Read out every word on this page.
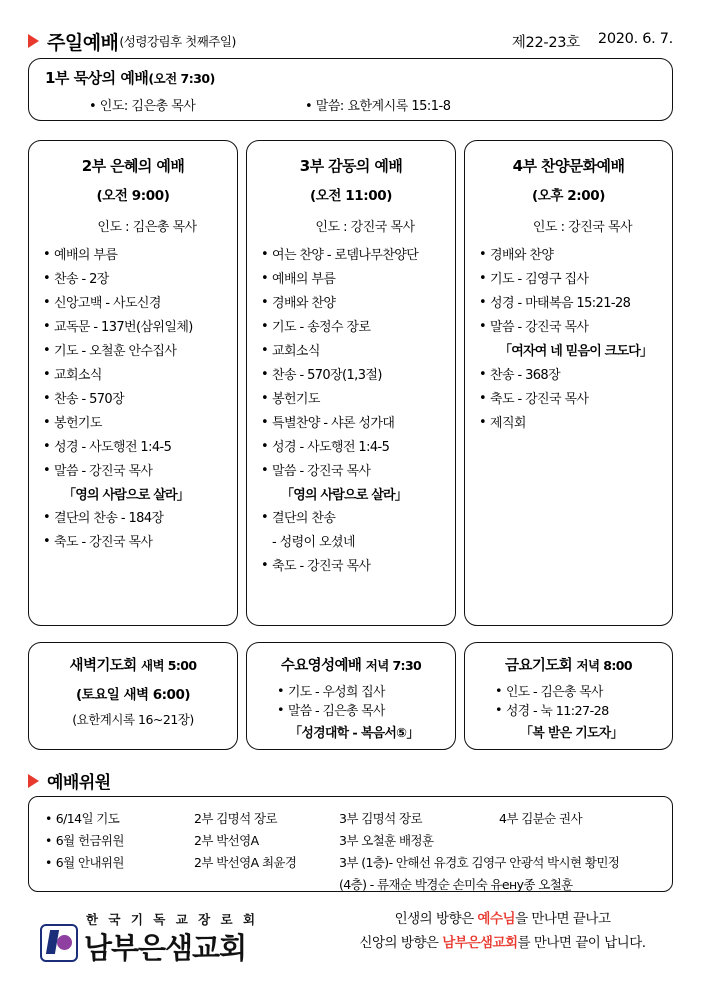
주일예배 (성령강림후 첫째주일)	제22-23호 2020. 6. 7.
1부 묵상의 예배(오전 7:30)
• 인도: 김은총 목사	• 말씀: 요한계시록 15:1-8
2부 은혜의 예배
(오전 9:00)
인도 : 김은총 목사
• 예배의 부름
• 찬송 - 2장
• 신앙고백 - 사도신경
• 교독문 - 137번(삼위일체)
• 기도 - 오철훈 안수집사
• 교회소식
• 찬송 - 570장
• 봉헌기도
• 성경 - 사도행전 1:4-5
• 말씀 - 강진국 목사
「영의 사람으로 살라」
• 결단의 찬송 - 184장
• 축도 - 강진국 목사
3부 감동의 예배
(오전 11:00)
인도 : 강진국 목사
• 여는 찬양 - 로뎀나무찬양단
• 예배의 부름
• 경배와 찬양
• 기도 - 송정수 장로
• 교회소식
• 찬송 - 570장(1,3절)
• 봉헌기도
• 특별찬양 - 샤론 성가대
• 성경 - 사도행전 1:4-5
• 말씀 - 강진국 목사
「영의 사람으로 살라」
• 결단의 찬송
- 성령이 오셨네
• 축도 - 강진국 목사
4부 찬양문화예배
(오후 2:00)
인도 : 강진국 목사
• 경배와 찬양
• 기도 - 김영구 집사
• 성경 - 마태복음 15:21-28
• 말씀 - 강진국 목사
「여자여 네 믿음이 크도다」
• 찬송 - 368장
• 축도 - 강진국 목사
• 제직회
새벽기도회 새벽 5:00
(토요일 새벽 6:00)
(요한계시록 16~21장)
수요영성예배 저녁 7:30
• 기도 - 우성희 집사
• 말씀 - 김은총 목사
「성경대학 - 복음서⑤」
금요기도회 저녁 8:00
• 인도 - 김은총 목사
• 성경 - 눅 11:27-28
「복 받은 기도자」
예배위원
• 6/14일 기도	2부 김명석 장로	3부 김명석 장로	4부 김분순 권사
• 6월 헌금위원	2부 박선영A	3부 오철훈 배정훈
• 6월 안내위원	2부 박선영A 최윤경	3부 (1층)- 안해선 유경호 김영구 안광석 박시현 황민정
(4층) - 류재순 박경순 손미숙 유ену종 오철훈
한 국 기 독 교 장 로 회
남부은샘교회
인생의 방향은 예수님을 만나면 끝나고
신앙의 방향은 남부은샘교회를 만나면 끝이 납니다.
